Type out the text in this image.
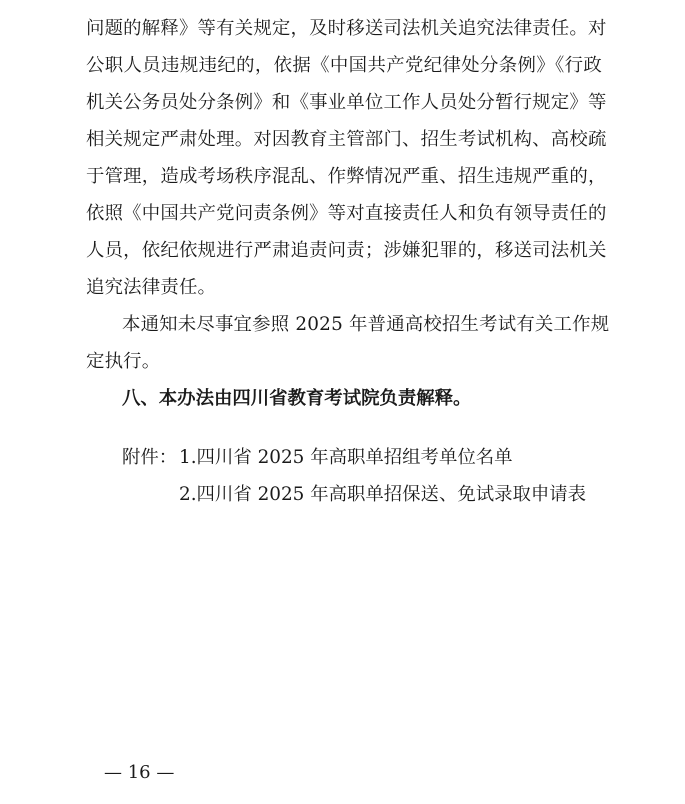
问题的解释》等有关规定，及时移送司法机关追究法律责任。对
公职人员违规违纪的，依据《中国共产党纪律处分条例》《行政
机关公务员处分条例》和《事业单位工作人员处分暂行规定》等
相关规定严肃处理。对因教育主管部门、招生考试机构、高校疏
于管理，造成考场秩序混乱、作弊情况严重、招生违规严重的，
依照《中国共产党问责条例》等对直接责任人和负有领导责任的
人员，依纪依规进行严肃追责问责；涉嫌犯罪的，移送司法机关
追究法律责任。
本通知未尽事宜参照 2025 年普通高校招生考试有关工作规
定执行。
八、本办法由四川省教育考试院负责解释。
附件： 1.四川省 2025 年高职单招组考单位名单
2.四川省 2025 年高职单招保送、免试录取申请表
— 16 —
